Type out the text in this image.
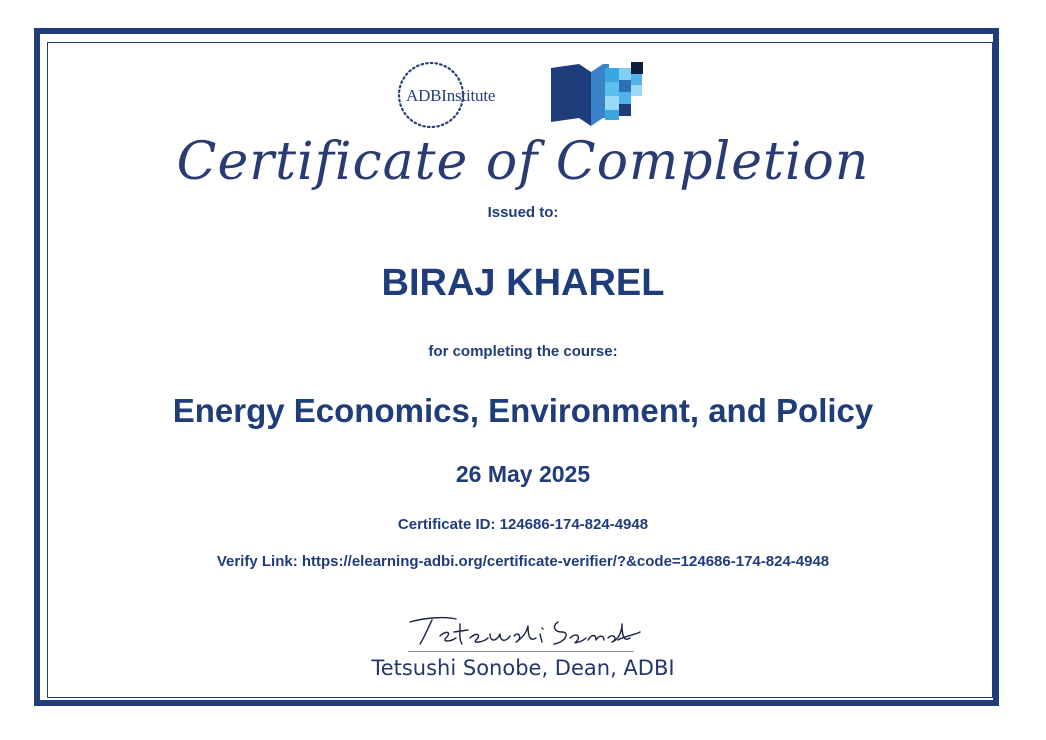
ADBInstitute
Certificate of Completion
Issued to:
BIRAJ KHAREL
for completing the course:
Energy Economics, Environment, and Policy
26 May 2025
Certificate ID: 124686-174-824-4948
Verify Link: https://elearning-adbi.org/certificate-verifier/?&code=124686-174-824-4948
Tetsushi Sonobe, Dean, ADBI
